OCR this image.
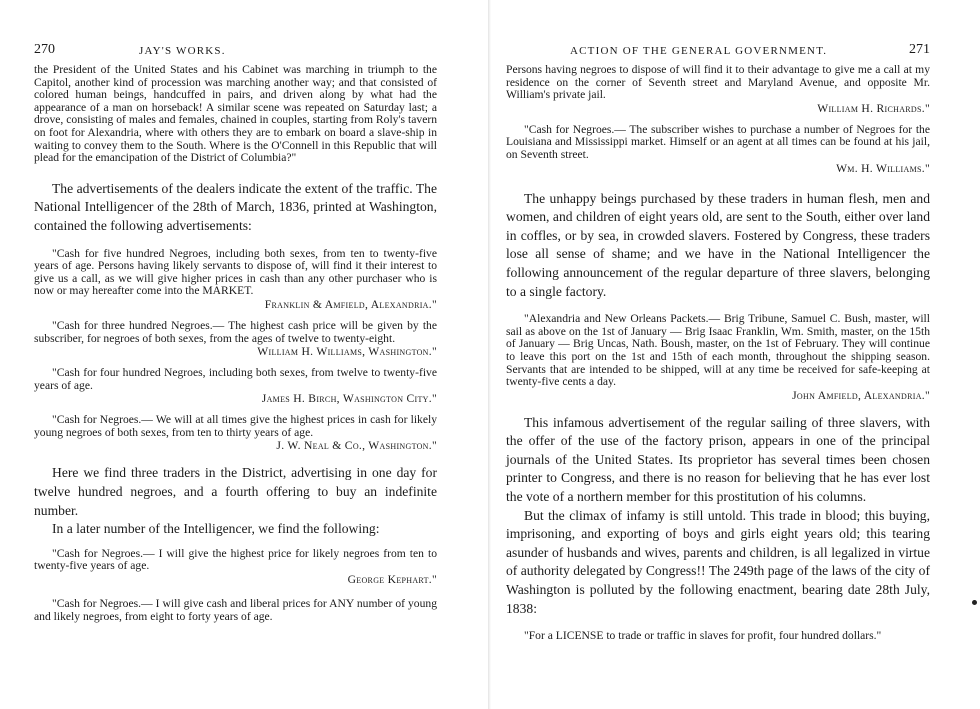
270	JAY'S WORKS.

the President of the United States and his Cabinet was marching in triumph to the Capitol, another kind of procession was marching another way; and that consisted of colored human beings, handcuffed in pairs, and driven along by what had the appearance of a man on horseback! A similar scene was repeated on Saturday last; a drove, consisting of males and females, chained in couples, starting from Roly's tavern on foot for Alexandria, where with others they are to embark on board a slave-ship in waiting to convey them to the South. Where is the O'Connell in this Republic that will plead for the emancipation of the District of Columbia?"

The advertisements of the dealers indicate the extent of the traffic. The National Intelligencer of the 28th of March, 1836, printed at Washington, contained the following advertisements:

"Cash for five hundred Negroes, including both sexes, from ten to twenty-five years of age. Persons having likely servants to dispose of, will find it their interest to give us a call, as we will give higher prices in cash than any other purchaser who is now or may hereafter come into the MARKET.

Franklin & Amfield, Alexandria."

"Cash for three hundred Negroes.— The highest cash price will be given by the subscriber, for negroes of both sexes, from the ages of twelve to twenty-eight.

William H. Williams, Washington."

"Cash for four hundred Negroes, including both sexes, from twelve to twenty-five years of age.

James H. Birch, Washington City."

"Cash for Negroes.— We will at all times give the highest prices in cash for likely young negroes of both sexes, from ten to thirty years of age.

J. W. Neal & Co., Washington."

Here we find three traders in the District, advertising in one day for twelve hundred negroes, and a fourth offering to buy an indefinite number.

In a later number of the Intelligencer, we find the following:

"Cash for Negroes.— I will give the highest price for likely negroes from ten to twenty-five years of age.

George Kephart."

"Cash for Negroes.— I will give cash and liberal prices for ANY number of young and likely negroes, from eight to forty years of age.

ACTION OF THE GENERAL GOVERNMENT.	271

Persons having negroes to dispose of will find it to their advantage to give me a call at my residence on the corner of Seventh street and Maryland Avenue, and opposite Mr. William's private jail.

William H. Richards."

"Cash for Negroes.— The subscriber wishes to purchase a number of Negroes for the Louisiana and Mississippi market. Himself or an agent at all times can be found at his jail, on Seventh street.

Wm. H. Williams."

The unhappy beings purchased by these traders in human flesh, men and women, and children of eight years old, are sent to the South, either over land in coffles, or by sea, in crowded slavers. Fostered by Congress, these traders lose all sense of shame; and we have in the National Intelligencer the following announcement of the regular departure of three slavers, belonging to a single factory.

"Alexandria and New Orleans Packets.— Brig Tribune, Samuel C. Bush, master, will sail as above on the 1st of January — Brig Isaac Franklin, Wm. Smith, master, on the 15th of January — Brig Uncas, Nath. Boush, master, on the 1st of February. They will continue to leave this port on the 1st and 15th of each month, throughout the shipping season. Servants that are intended to be shipped, will at any time be received for safe-keeping at twenty-five cents a day.

John Amfield, Alexandria."

This infamous advertisement of the regular sailing of three slavers, with the offer of the use of the factory prison, appears in one of the principal journals of the United States. Its proprietor has several times been chosen printer to Congress, and there is no reason for believing that he has ever lost the vote of a northern member for this prostitution of his columns.

But the climax of infamy is still untold. This trade in blood; this buying, imprisoning, and exporting of boys and girls eight years old; this tearing asunder of husbands and wives, parents and children, is all legalized in virtue of authority delegated by Congress!! The 249th page of the laws of the city of Washington is polluted by the following enactment, bearing date 28th July, 1838:

"For a LICENSE to trade or traffic in slaves for profit, four hundred dollars."
